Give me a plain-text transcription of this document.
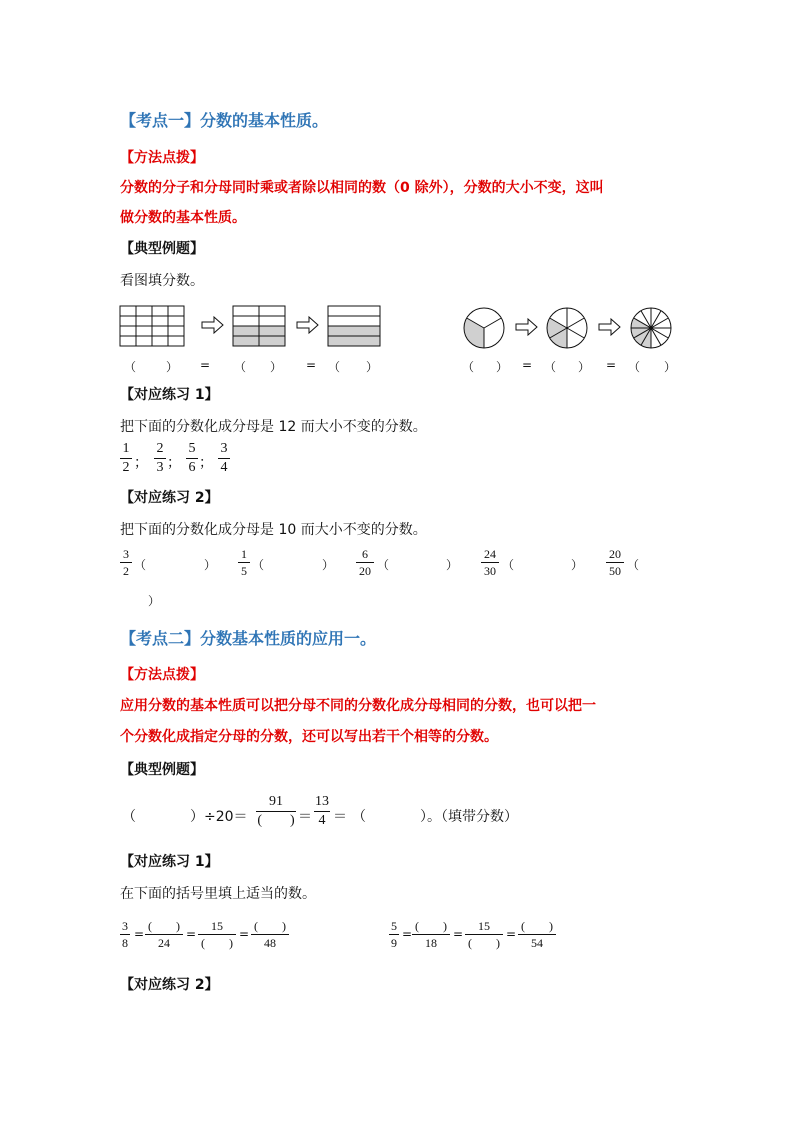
【考点一】分数的基本性质。
【方法点拨】
分数的分子和分母同时乘或者除以相同的数（0 除外），分数的大小不变，这叫
做分数的基本性质。
【典型例题】
看图填分数。
（ ） = （ ） = （ ）	（ ） = （ ） = （ ）
【对应练习 1】
把下面的分数化成分母是 12 而大小不变的分数。
1
2 ；
2
3 ；
5
6 ；
3
4
【对应练习 2】
把下面的分数化成分母是 10 而大小不变的分数。
3
2 （	）
1
5 （	）
6
20 （	）
24
30 （	）
20
50 （
）
【考点二】分数基本性质的应用一。
【方法点拨】
应用分数的基本性质可以把分母不同的分数化成分母相同的分数，也可以把一
个分数化成指定分母的分数，还可以写出若干个相等的分数。
【典型例题】
（	）÷20＝
91
(　　) ＝
13
4 ＝ （	）。（填带分数）
【对应练习 1】
在下面的括号里填上适当的数。
3
8
=
(　　)
24
=
15
(　　)
=
(　　)
48
5
9
=
(　　)
18
=
15
(　　)
=
(　　)
54
【对应练习 2】
